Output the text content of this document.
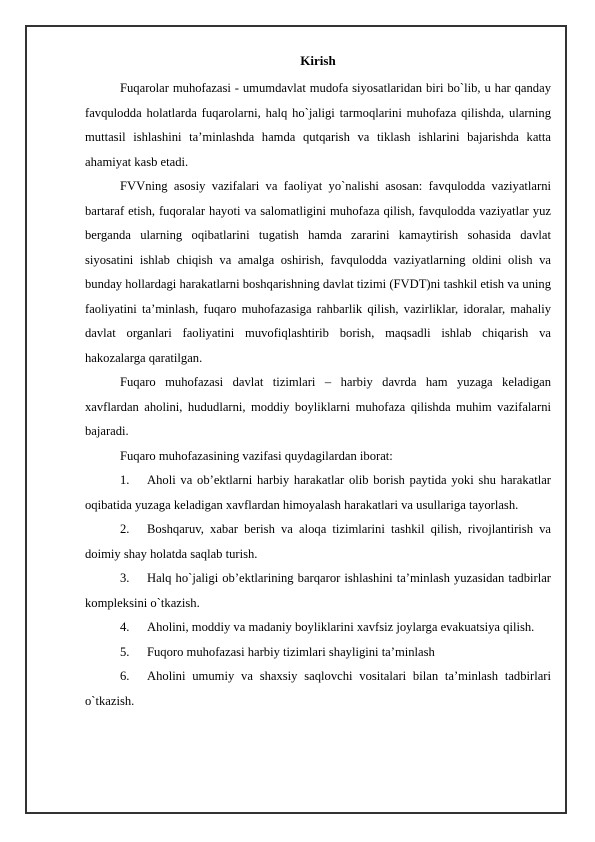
Kirish

Fuqarolar muhofazasi - umumdavlat mudofa siyosatlaridan biri bo`lib, u har qanday favqulodda holatlarda fuqarolarni, halq ho`jaligi tarmoqlarini muhofaza qilishda, ularning muttasil ishlashini ta’minlashda hamda qutqarish va tiklash ishlarini bajarishda katta ahamiyat kasb etadi.

FVVning asosiy vazifalari va faoliyat yo`nalishi asosan: favqulodda vaziyatlarni bartaraf etish, fuqoralar hayoti va salomatligini muhofaza qilish, favqulodda vaziyatlar yuz berganda ularning oqibatlarini tugatish hamda zararini kamaytirish sohasida davlat siyosatini ishlab chiqish va amalga oshirish, favqulodda vaziyatlarning oldini olish va bunday hollardagi harakatlarni boshqarishning davlat tizimi (FVDT)ni tashkil etish va uning faoliyatini ta’minlash, fuqaro muhofazasiga rahbarlik qilish, vazirliklar, idoralar, mahaliy davlat organlari faoliyatini muvofiqlashtirib borish, maqsadli ishlab chiqarish va hakozalarga qaratilgan.

Fuqaro muhofazasi davlat tizimlari – harbiy davrda ham yuzaga keladigan xavflardan aholini, hududlarni, moddiy boyliklarni muhofaza qilishda muhim vazifalarni bajaradi.

Fuqaro muhofazasining vazifasi quydagilardan iborat:

1. Aholi va ob’ektlarni harbiy harakatlar olib borish paytida yoki shu harakatlar oqibatida yuzaga keladigan xavflardan himoyalash harakatlari va usullariga tayorlash.
2. Boshqaruv, xabar berish va aloqa tizimlarini tashkil qilish, rivojlantirish va doimiy shay holatda saqlab turish.
3. Halq ho`jaligi ob’ektlarining barqaror ishlashini ta’minlash yuzasidan tadbirlar kompleksini o`tkazish.
4. Aholini, moddiy va madaniy boyliklarini xavfsiz joylarga evakuatsiya qilish.
5. Fuqoro muhofazasi harbiy tizimlari shayligini ta’minlash
6. Aholini umumiy va shaxsiy saqlovchi vositalari bilan ta’minlash tadbirlari o`tkazish.
